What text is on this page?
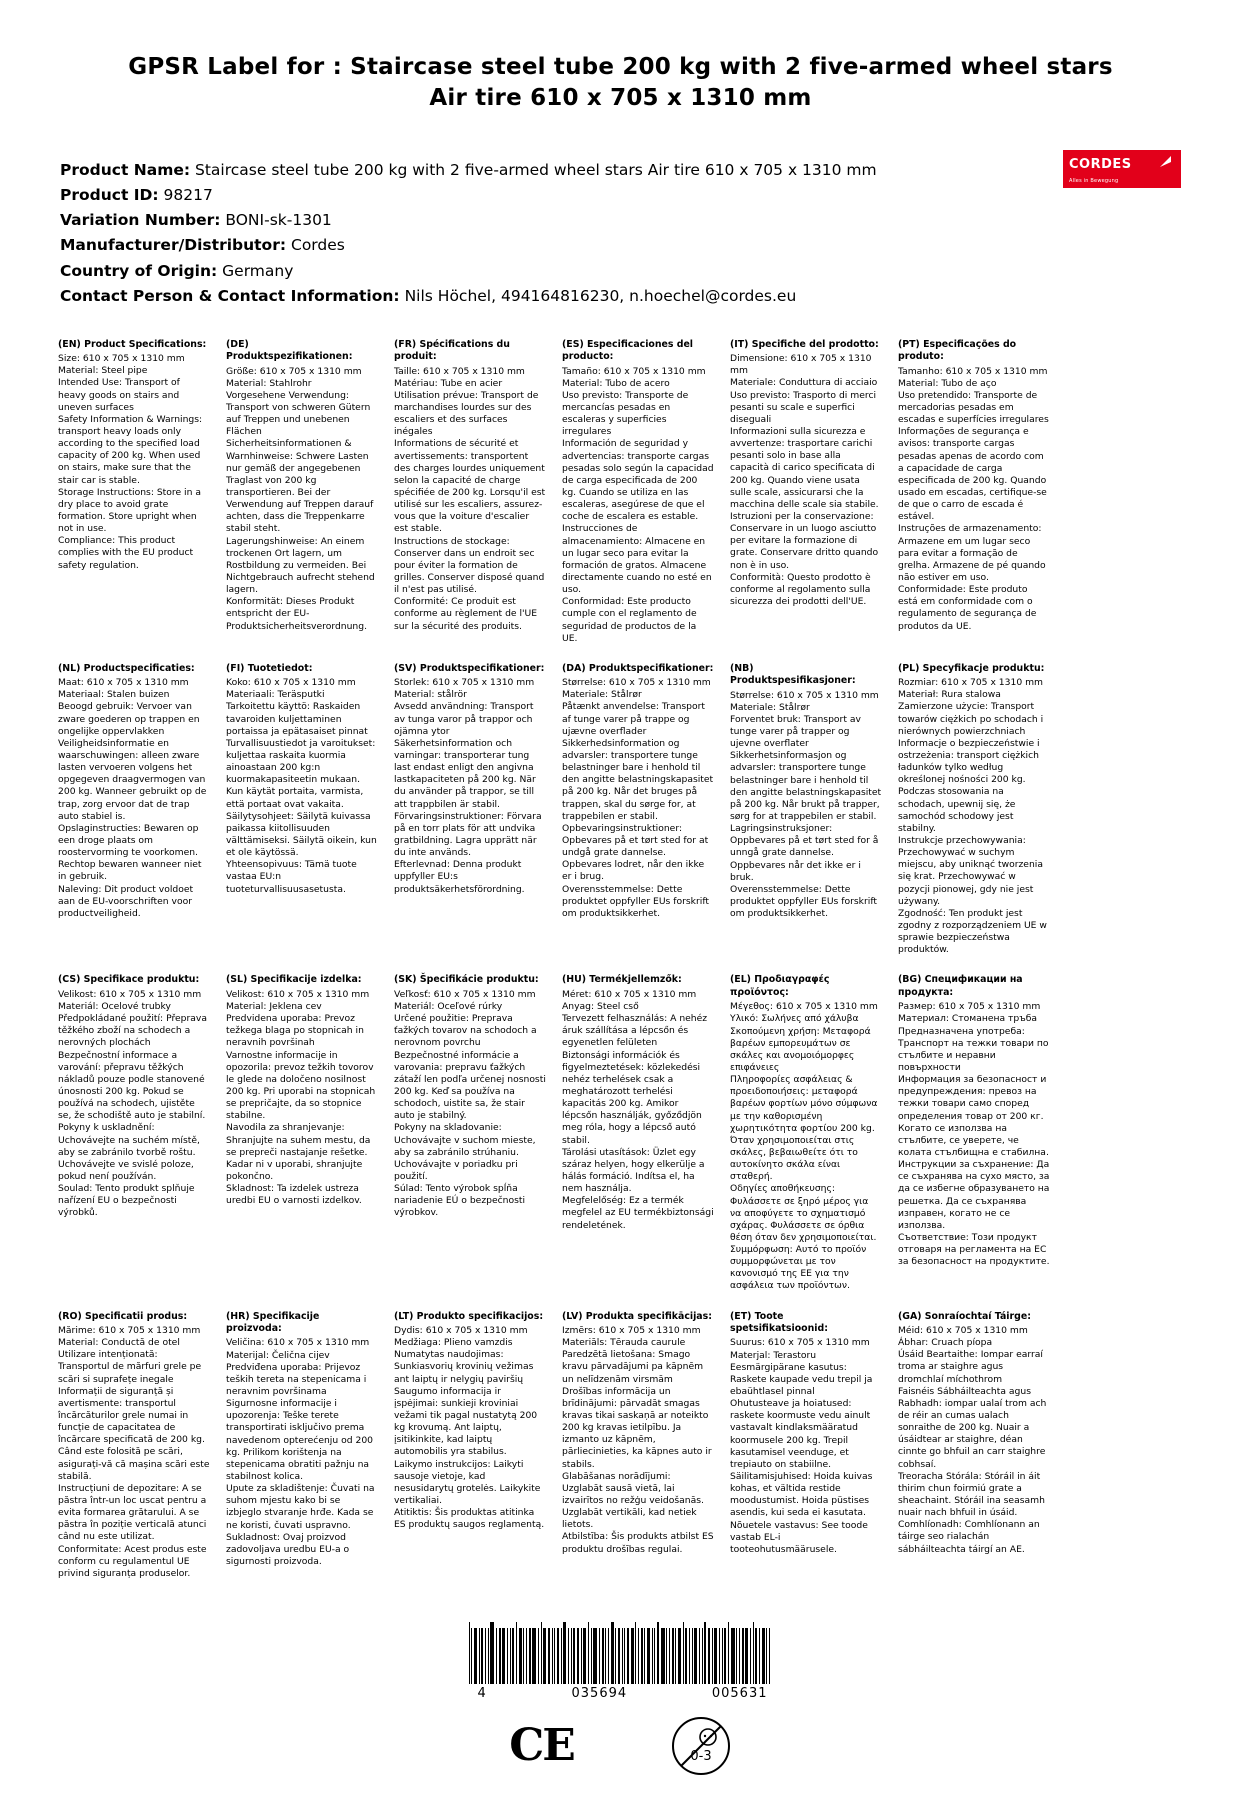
GPSR Label for : Staircase steel tube 200 kg with 2 five-armed wheel stars Air tire 610 x 705 x 1310 mm
CORDES
Alles in Bewegung
Product Name: Staircase steel tube 200 kg with 2 five-armed wheel stars Air tire 610 x 705 x 1310 mm
Product ID: 98217
Variation Number: BONI-sk-1301
Manufacturer/Distributor: Cordes
Country of Origin: Germany
Contact Person & Contact Information: Nils Höchel, 494164816230, n.hoechel@cordes.eu
(EN) Product Specifications:

Size: 610 x 705 x 1310 mm

Material: Steel pipe

Intended Use: Transport of heavy goods on stairs and uneven surfaces

Safety Information & Warnings: transport heavy loads only according to the specified load capacity of 200 kg. When used on stairs, make sure that the stair car is stable.

Storage Instructions: Store in a dry place to avoid grate formation. Store upright when not in use.

Compliance: This product complies with the EU product safety regulation.

(DE) Produktspezifikationen:

Größe: 610 x 705 x 1310 mm

Material: Stahlrohr

Vorgesehene Verwendung: Transport von schweren Gütern auf Treppen und unebenen Flächen

Sicherheitsinformationen & Warnhinweise: Schwere Lasten nur gemäß der angegebenen Traglast von 200 kg transportieren. Bei der Verwendung auf Treppen darauf achten, dass die Treppenkarre stabil steht.

Lagerungshinweise: An einem trockenen Ort lagern, um Rostbildung zu vermeiden. Bei Nichtgebrauch aufrecht stehend lagern.

Konformität: Dieses Produkt entspricht der EU-Produktsicherheitsverordnung.

(FR) Spécifications du produit:

Taille: 610 x 705 x 1310 mm

Matériau: Tube en acier

Utilisation prévue: Transport de marchandises lourdes sur des escaliers et des surfaces inégales

Informations de sécurité et avertissements: transportent des charges lourdes uniquement selon la capacité de charge spécifiée de 200 kg. Lorsqu'il est utilisé sur les escaliers, assurez-vous que la voiture d'escalier est stable.

Instructions de stockage: Conserver dans un endroit sec pour éviter la formation de grilles. Conserver disposé quand il n'est pas utilisé.

Conformité: Ce produit est conforme au règlement de l'UE sur la sécurité des produits.

(ES) Especificaciones del producto:

Tamaño: 610 x 705 x 1310 mm

Material: Tubo de acero

Uso previsto: Transporte de mercancías pesadas en escaleras y superficies irregulares

Información de seguridad y advertencias: transporte cargas pesadas solo según la capacidad de carga especificada de 200 kg. Cuando se utiliza en las escaleras, asegúrese de que el coche de escalera es estable.

Instrucciones de almacenamiento: Almacene en un lugar seco para evitar la formación de gratos. Almacene directamente cuando no esté en uso.

Conformidad: Este producto cumple con el reglamento de seguridad de productos de la UE.

(IT) Specifiche del prodotto:

Dimensione: 610 x 705 x 1310 mm

Materiale: Conduttura di acciaio

Uso previsto: Trasporto di merci pesanti su scale e superfici diseguali

Informazioni sulla sicurezza e avvertenze: trasportare carichi pesanti solo in base alla capacità di carico specificata di 200 kg. Quando viene usata sulle scale, assicurarsi che la macchina delle scale sia stabile.

Istruzioni per la conservazione: Conservare in un luogo asciutto per evitare la formazione di grate. Conservare dritto quando non è in uso.

Conformità: Questo prodotto è conforme al regolamento sulla sicurezza dei prodotti dell'UE.

(PT) Especificações do produto:

Tamanho: 610 x 705 x 1310 mm

Material: Tubo de aço

Uso pretendido: Transporte de mercadorias pesadas em escadas e superfícies irregulares

Informações de segurança e avisos: transporte cargas pesadas apenas de acordo com a capacidade de carga especificada de 200 kg. Quando usado em escadas, certifique-se de que o carro de escada é estável.

Instruções de armazenamento: Armazene em um lugar seco para evitar a formação de grelha. Armazene de pé quando não estiver em uso.

Conformidade: Este produto está em conformidade com o regulamento de segurança de produtos da UE.

(NL) Productspecificaties:

Maat: 610 x 705 x 1310 mm

Materiaal: Stalen buizen

Beoogd gebruik: Vervoer van zware goederen op trappen en ongelijke oppervlakken

Veiligheidsinformatie en waarschuwingen: alleen zware lasten vervoeren volgens het opgegeven draagvermogen van 200 kg. Wanneer gebruikt op de trap, zorg ervoor dat de trap auto stabiel is.

Opslaginstructies: Bewaren op een droge plaats om roostervorming te voorkomen. Rechtop bewaren wanneer niet in gebruik.

Naleving: Dit product voldoet aan de EU-voorschriften voor productveiligheid.

(FI) Tuotetiedot:

Koko: 610 x 705 x 1310 mm

Materiaali: Teräsputki

Tarkoitettu käyttö: Raskaiden tavaroiden kuljettaminen portaissa ja epätasaiset pinnat

Turvallisuustiedot ja varoitukset: kuljettaa raskaita kuormia ainoastaan 200 kg:n kuormakapasiteetin mukaan. Kun käytät portaita, varmista, että portaat ovat vakaita.

Säilytysohjeet: Säilytä kuivassa paikassa kiitollisuuden välttämiseksi. Säilytä oikein, kun et ole käytössä.

Yhteensopivuus: Tämä tuote vastaa EU:n tuoteturvallisuusasetusta.

(SV) Produktspecifikationer:

Storlek: 610 x 705 x 1310 mm

Material: stålrör

Avsedd användning: Transport av tunga varor på trappor och ojämna ytor

Säkerhetsinformation och varningar: transporterar tung last endast enligt den angivna lastkapaciteten på 200 kg. När du använder på trappor, se till att trappbilen är stabil.

Förvaringsinstruktioner: Förvara på en torr plats för att undvika gratbildning. Lagra upprätt när du inte används.

Efterlevnad: Denna produkt uppfyller EU:s produktsäkerhetsförordning.

(DA) Produktspecifikationer:

Størrelse: 610 x 705 x 1310 mm

Materiale: Stålrør

Påtænkt anvendelse: Transport af tunge varer på trappe og ujævne overflader

Sikkerhedsinformation og advarsler: transportere tunge belastninger bare i henhold til den angitte belastningskapasitet på 200 kg. Når det bruges på trappen, skal du sørge for, at trappebilen er stabil.

Opbevaringsinstruktioner: Opbevares på et tørt sted for at undgå grate dannelse. Opbevares lodret, når den ikke er i brug.

Overensstemmelse: Dette produktet oppfyller EUs forskrift om produktsikkerhet.

(NB) Produktspesifikasjoner:

Størrelse: 610 x 705 x 1310 mm

Materiale: Stålrør

Forventet bruk: Transport av tunge varer på trapper og ujevne overflater

Sikkerhetsinformasjon og advarsler: transportere tunge belastninger bare i henhold til den angitte belastningskapasitet på 200 kg. Når brukt på trapper, sørg for at trappebilen er stabil.

Lagringsinstruksjoner: Oppbevares på et tørt sted for å unngå grate dannelse. Oppbevares når det ikke er i bruk.

Overensstemmelse: Dette produktet oppfyller EUs forskrift om produktsikkerhet.

(PL) Specyfikacje produktu:

Rozmiar: 610 x 705 x 1310 mm

Materiał: Rura stalowa

Zamierzone użycie: Transport towarów ciężkich po schodach i nierównych powierzchniach

Informacje o bezpieczeństwie i ostrzeżenia: transport ciężkich ładunków tylko według określonej nośności 200 kg. Podczas stosowania na schodach, upewnij się, że samochód schodowy jest stabilny.

Instrukcje przechowywania: Przechowywać w suchym miejscu, aby uniknąć tworzenia się krat. Przechowywać w pozycji pionowej, gdy nie jest używany.

Zgodność: Ten produkt jest zgodny z rozporządzeniem UE w sprawie bezpieczeństwa produktów.

(CS) Specifikace produktu:

Velikost: 610 x 705 x 1310 mm

Materiál: Ocelové trubky

Předpokládané použití: Přeprava těžkého zboží na schodech a nerovných plochách

Bezpečnostní informace a varování: přepravu těžkých nákladů pouze podle stanovené únosnosti 200 kg. Pokud se používá na schodech, ujistěte se, že schodiště auto je stabilní.

Pokyny k uskladnění: Uchovávejte na suchém místě, aby se zabránilo tvorbě roštu. Uchovávejte ve svislé poloze, pokud není používán.

Soulad: Tento produkt splňuje nařízení EU o bezpečnosti výrobků.

(SL) Specifikacije izdelka:

Velikost: 610 x 705 x 1310 mm

Material: Jeklena cev

Predvidena uporaba: Prevoz težkega blaga po stopnicah in neravnih površinah

Varnostne informacije in opozorila: prevoz težkih tovorov le glede na določeno nosilnost 200 kg. Pri uporabi na stopnicah se prepričajte, da so stopnice stabilne.

Navodila za shranjevanje: Shranjujte na suhem mestu, da se prepreči nastajanje rešetke. Kadar ni v uporabi, shranjujte pokončno.

Skladnost: Ta izdelek ustreza uredbi EU o varnosti izdelkov.

(SK) Špecifikácie produktu:

Veľkosť: 610 x 705 x 1310 mm

Materiál: Oceľové rúrky

Určené použitie: Preprava ťažkých tovarov na schodoch a nerovnom povrchu

Bezpečnostné informácie a varovania: prepravu ťažkých zátaží len podľa určenej nosnosti 200 kg. Keď sa používa na schodoch, uistite sa, že stair auto je stabilný.

Pokyny na skladovanie: Uchovávajte v suchom mieste, aby sa zabránilo strúhaniu. Uchovávajte v poriadku pri použití.

Súlad: Tento výrobok spĺňa nariadenie EÚ o bezpečnosti výrobkov.

(HU) Termékjellemzők:

Méret: 610 x 705 x 1310 mm

Anyag: Steel cső

Tervezett felhasználás: A nehéz áruk szállítása a lépcsőn és egyenetlen felületen

Biztonsági információk és figyelmeztetések: közlekedési nehéz terhelések csak a meghatározott terhelési kapacitás 200 kg. Amikor lépcsőn használják, győződjön meg róla, hogy a lépcső autó stabil.

Tárolási utasítások: Üzlet egy száraz helyen, hogy elkerülje a hálás formáció. Indítsa el, ha nem használja.

Megfelelőség: Ez a termék megfelel az EU termékbiztonsági rendeletének.

(EL) Προδιαγραφές προϊόντος:

Μέγεθος: 610 x 705 x 1310 mm

Υλικό: Σωλήνες από χάλυβα

Σκοπούμενη χρήση: Μεταφορά βαρέων εμπορευμάτων σε σκάλες και ανομοιόμορφες επιφάνειες

Πληροφορίες ασφάλειας & προειδοποιήσεις: μεταφορά βαρέων φορτίων μόνο σύμφωνα με την καθορισμένη χωρητικότητα φορτίου 200 kg. Όταν χρησιμοποιείται στις σκάλες, βεβαιωθείτε ότι το αυτοκίνητο σκάλα είναι σταθερή.

Οδηγίες αποθήκευσης: Φυλάσσετε σε ξηρό μέρος για να αποφύγετε το σχηματισμό σχάρας. Φυλάσσετε σε όρθια θέση όταν δεν χρησιμοποιείται.

Συμμόρφωση: Αυτό το προϊόν συμμορφώνεται με τον κανονισμό της ΕΕ για την ασφάλεια των προϊόντων.

(BG) Спецификации на продукта:

Размер: 610 x 705 x 1310 mm

Материал: Стоманена тръба

Предназначена употреба: Транспорт на тежки товари по стълбите и неравни повърхности

Информация за безопасност и предупреждения: превоз на тежки товари само според определения товар от 200 кг. Когато се използва на стълбите, се уверете, че колата стълбищна е стабилна.

Инструкции за съхранение: Да се съхранява на сухо място, за да се избегне образуването на решетка. Да се съхранява изправен, когато не се използва.

Съответствие: Този продукт отговаря на регламента на ЕС за безопасност на продуктите.

(RO) Specificatii produs:

Mărime: 610 x 705 x 1310 mm

Material: Conductă de otel

Utilizare intenționată: Transportul de mărfuri grele pe scări si suprafețe inegale

Informații de siguranță și avertismente: transportul încărcăturilor grele numai in funcție de capacitatea de încărcare specificată de 200 kg. Când este folosită pe scări, asigurați-vă că mașina scări este stabilă.

Instrucțiuni de depozitare: A se păstra într-un loc uscat pentru a evita formarea grătarului. A se păstra în poziție verticală atunci când nu este utilizat.

Conformitate: Acest produs este conform cu regulamentul UE privind siguranța produselor.

(HR) Specifikacije proizvoda:

Veličina: 610 x 705 x 1310 mm

Materijal: Čelična cijev

Predviđena uporaba: Prijevoz teških tereta na stepenicama i neravnim površinama

Sigurnosne informacije i upozorenja: Teške terete transportirati isključivo prema navedenom opterećenju od 200 kg. Prilikom korištenja na stepenicama obratiti pažnju na stabilnost kolica.

Upute za skladištenje: Čuvati na suhom mjestu kako bi se izbjeglo stvaranje hrđe. Kada se ne koristi, čuvati uspravno.

Sukladnost: Ovaj proizvod zadovoljava uredbu EU-a o sigurnosti proizvoda.

(LT) Produkto specifikacijos:

Dydis: 610 x 705 x 1310 mm

Medžiaga: Plieno vamzdis

Numatytas naudojimas: Sunkiasvorių krovinių vežimas ant laiptų ir nelygių paviršių

Saugumo informacija ir įspėjimai: sunkieji kroviniai vežami tik pagal nustatytą 200 kg krovumą. Ant laiptų, įsitikinkite, kad laiptų automobilis yra stabilus.

Laikymo instrukcijos: Laikyti sausoje vietoje, kad nesusidarytų grotelės. Laikykite vertikaliai.

Atitiktis: Šis produktas atitinka ES produktų saugos reglamentą.

(LV) Produkta specifikācijas:

Izmērs: 610 x 705 x 1310 mm

Materiāls: Tērauda caurule

Paredzētā lietošana: Smago kravu pārvadājumi pa kāpnēm un nelīdzenām virsmām

Drošības informācija un brīdinājumi: pārvadāt smagas kravas tikai saskaņā ar noteikto 200 kg kravas ietilpību. Ja izmanto uz kāpnēm, pārliecinieties, ka kāpnes auto ir stabils.

Glabāšanas norādījumi: Uzglabāt sausā vietā, lai izvairītos no režģu veidošanās. Uzglabāt vertikāli, kad netiek lietots.

Atbilstība: Šis produkts atbilst ES produktu drošības regulai.

(ET) Toote spetsifikatsioonid:

Suurus: 610 x 705 x 1310 mm

Materjal: Terastoru

Eesmärgipärane kasutus: Raskete kaupade vedu trepil ja ebaühtlasel pinnal

Ohutusteave ja hoiatused: raskete koormuste vedu ainult vastavalt kindlaksmääratud koormusele 200 kg. Trepil kasutamisel veenduge, et trepiauto on stabiilne.

Säilitamisjuhised: Hoida kuivas kohas, et vältida restide moodustumist. Hoida püstises asendis, kui seda ei kasutata.

Nõuetele vastavus: See toode vastab EL-i tooteohutusmäärusele.

(GA) Sonraíochtaí Táirge:

Méid: 610 x 705 x 1310 mm

Ábhar: Cruach píopa

Úsáid Beartaithe: Iompar earraí troma ar staighre agus dromchlaí míchothrom

Faisnéis Sábháilteachta agus Rabhadh: iompar ualaí trom ach de réir an cumas ualach sonraithe de 200 kg. Nuair a úsáidtear ar staighre, déan cinnte go bhfuil an carr staighre cobhsaí.

Treoracha Stórála: Stóráil in áit thirim chun foirmiú grate a sheachaint. Stóráil ina seasamh nuair nach bhfuil in úsáid.

Comhlíonadh: Comhlíonann an táirge seo rialachán sábháilteachta táirgí an AE.

4	035694	005631
CE	0-3
